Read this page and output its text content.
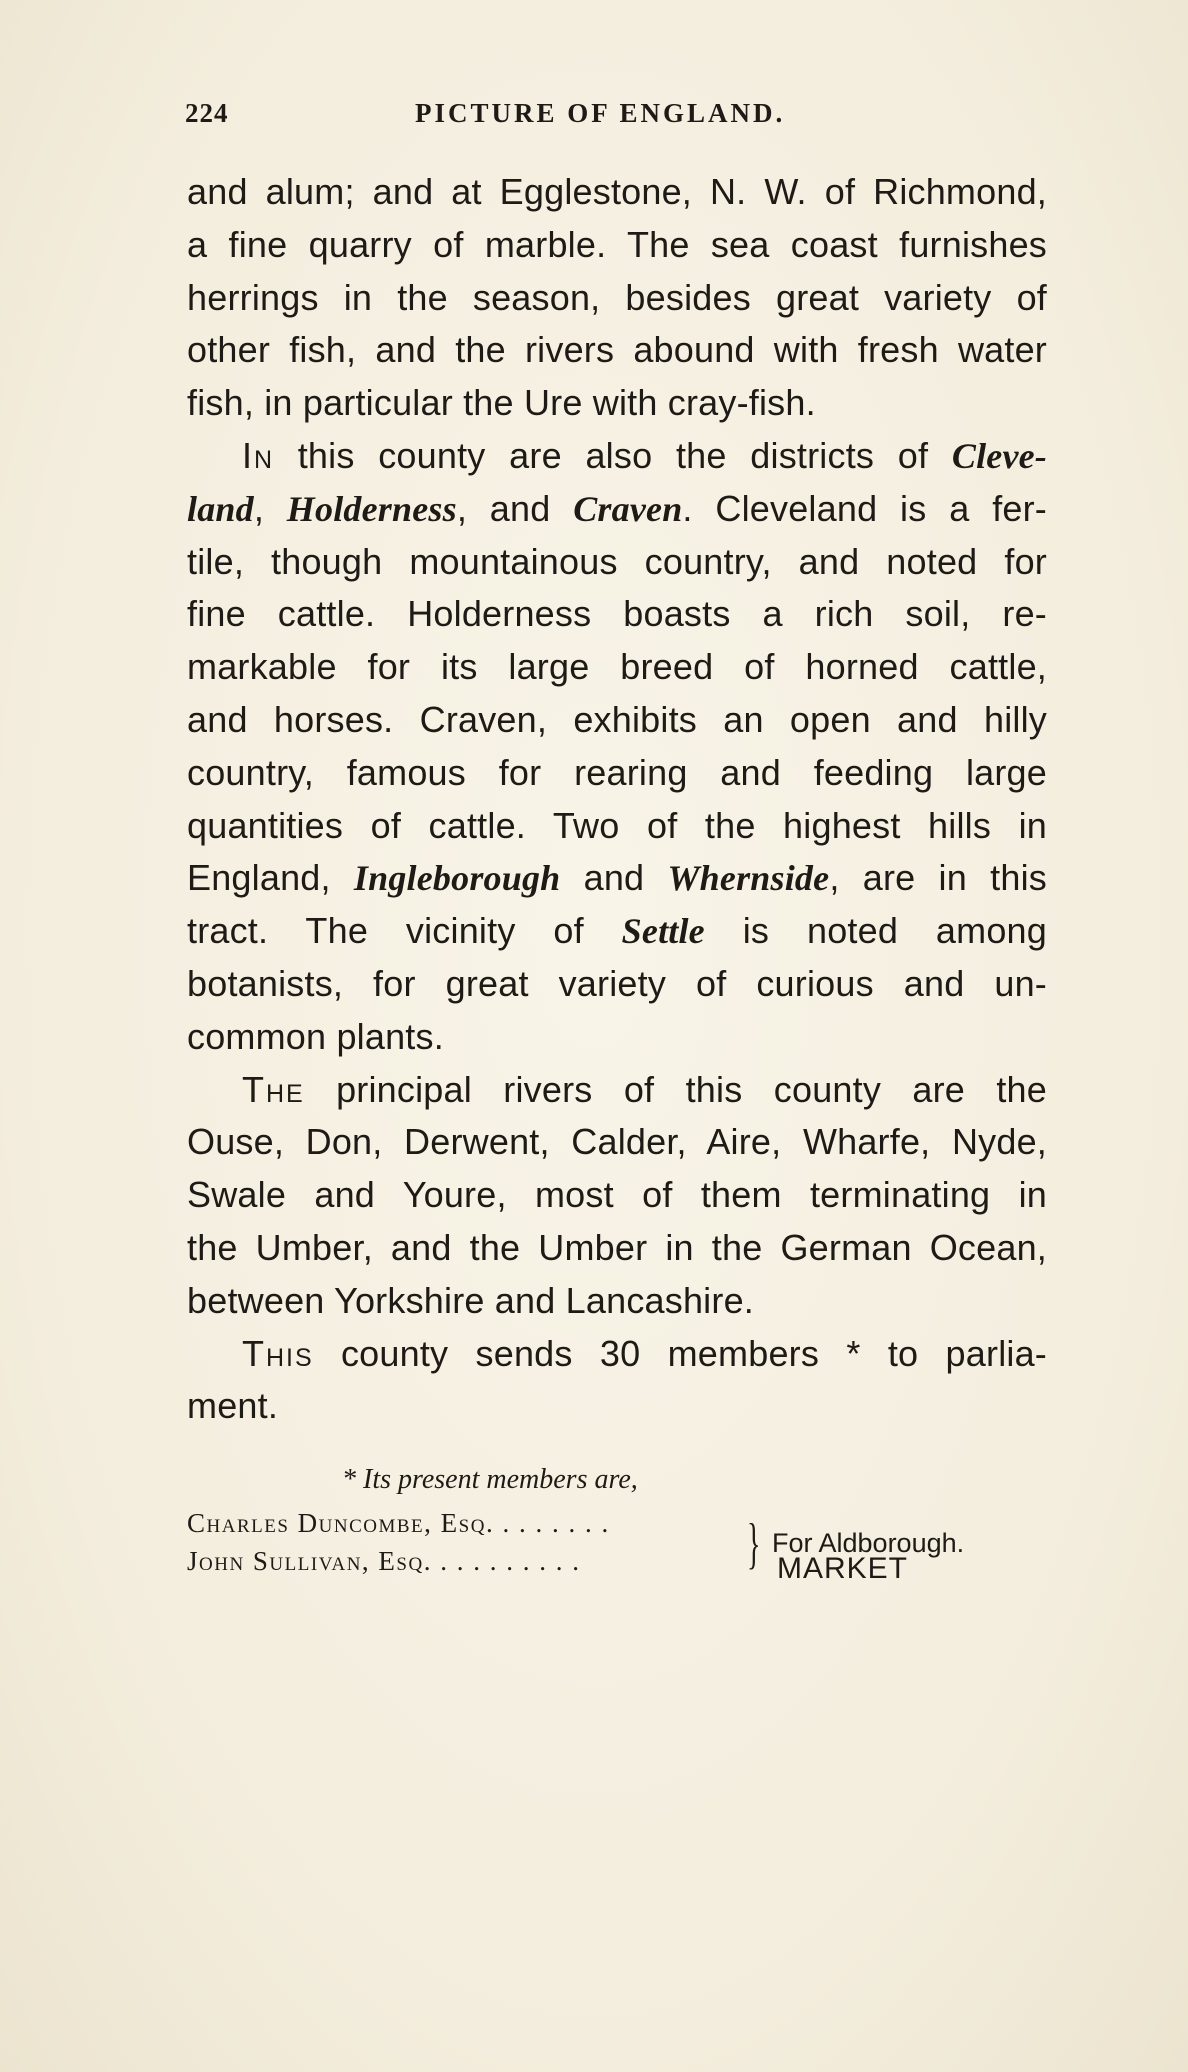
224	PICTURE OF ENGLAND.
and alum; and at Egglestone, N. W. of Richmond,
a fine quarry of marble. The sea coast furnishes
herrings in the season, besides great variety of
other fish, and the rivers abound with fresh water
fish, in particular the Ure with cray-fish.
In this county are also the districts of Cleve-
land, Holderness, and Craven. Cleveland is a fer-
tile, though mountainous country, and noted for
fine cattle. Holderness boasts a rich soil, re-
markable for its large breed of horned cattle,
and horses. Craven, exhibits an open and hilly
country, famous for rearing and feeding large
quantities of cattle. Two of the highest hills in
England, Ingleborough and Whernside, are in this
tract. The vicinity of Settle is noted among
botanists, for great variety of curious and un-
common plants.
The principal rivers of this county are the
Ouse, Don, Derwent, Calder, Aire, Wharfe, Nyde,
Swale and Youre, most of them terminating in
the Umber, and the Umber in the German Ocean,
between Yorkshire and Lancashire.
This county sends 30 members * to parlia-
ment.
* Its present members are,
Charles Duncombe, Esq. . . . . . . .
John Sullivan, Esq. . . . . . . . . .	} For Aldborough.
MARKET
